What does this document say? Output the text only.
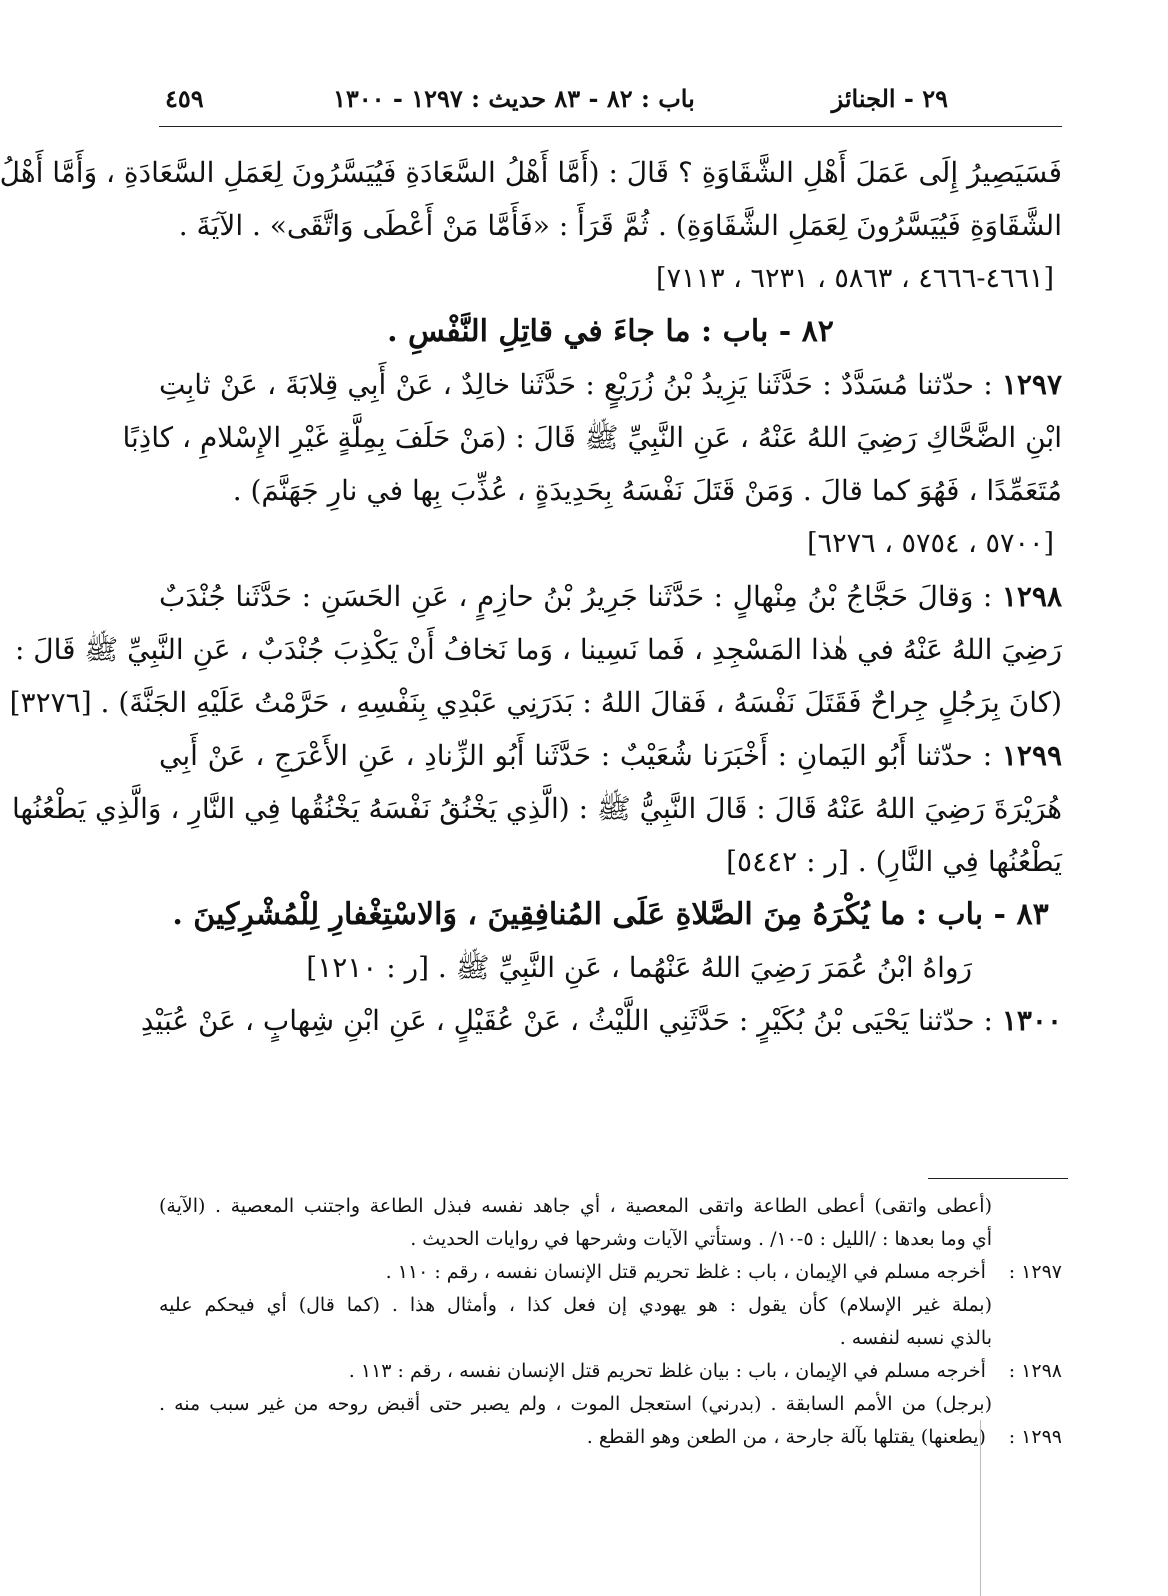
٢٩ - الجنائز
باب : ٨٢ - ٨٣ حديث : ١٢٩٧ - ١٣٠٠
٤٥٩
فَسَيَصِيرُ إِلَى عَمَلَ أَهْلِ الشَّقَاوَةِ ؟ قَالَ : (أَمَّا أَهْلُ السَّعَادَةِ فَيُيَسَّرُونَ لِعَمَلِ السَّعَادَةِ ، وَأَمَّا أَهْلُ
الشَّقَاوَةِ فَيُيَسَّرُونَ لِعَمَلِ الشَّقَاوَةِ) . ثُمَّ قَرَأَ : «فَأَمَّا مَنْ أَعْطَى وَاتَّقَى» . الآيَةَ .
[٤٦٦١-٤٦٦٦ ، ٥٨٦٣ ، ٦٢٣١ ، ٧١١٣]
٨٢ - باب : ما جاءَ في قاتِلِ النَّفْسِ .
١٢٩٧ : حدّثنا مُسَدَّدٌ : حَدَّثَنا يَزِيدُ بْنُ زُرَيْعٍ : حَدَّثَنا خالِدٌ ، عَنْ أَبِي قِلابَةَ ، عَنْ ثابِتِ
ابْنِ الضَّحَّاكِ رَضِيَ اللهُ عَنْهُ ، عَنِ النَّبِيِّ ﷺ قَالَ : (مَنْ حَلَفَ بِمِلَّةٍ غَيْرِ الإِسْلامِ ، كاذِبًا
مُتَعَمِّدًا ، فَهُوَ كما قالَ . وَمَنْ قَتَلَ نَفْسَهُ بِحَدِيدَةٍ ، عُذِّبَ بِها في نارِ جَهَنَّمَ) .
[٥٧٠٠ ، ٥٧٥٤ ، ٦٢٧٦]
١٢٩٨ : وَقالَ حَجَّاجُ بْنُ مِنْهالٍ : حَدَّثَنا جَرِيرُ بْنُ حازِمٍ ، عَنِ الحَسَنِ : حَدَّثَنا جُنْدَبٌ
رَضِيَ اللهُ عَنْهُ في هٰذا المَسْجِدِ ، فَما نَسِينا ، وَما نَخافُ أَنْ يَكْذِبَ جُنْدَبٌ ، عَنِ النَّبِيِّ ﷺ قَالَ :
(كانَ بِرَجُلٍ جِراحٌ فَقَتَلَ نَفْسَهُ ، فَقالَ اللهُ : بَدَرَنِي عَبْدِي بِنَفْسِهِ ، حَرَّمْتُ عَلَيْهِ الجَنَّةَ) . [٣٢٧٦]
١٢٩٩ : حدّثنا أَبُو اليَمانِ : أَخْبَرَنا شُعَيْبٌ : حَدَّثَنا أَبُو الزِّنادِ ، عَنِ الأَعْرَجِ ، عَنْ أَبِي
هُرَيْرَةَ رَضِيَ اللهُ عَنْهُ قَالَ : قَالَ النَّبِيُّ ﷺ : (الَّذِي يَخْنُقُ نَفْسَهُ يَخْنُقُها فِي النَّارِ ، وَالَّذِي يَطْعُنُها
يَطْعُنُها فِي النَّارِ) . [ر : ٥٤٤٢]
٨٣ - باب : ما يُكْرَهُ مِنَ الصَّلاةِ عَلَى المُنافِقِينَ ، وَالاسْتِغْفارِ لِلْمُشْرِكِينَ .
رَواهُ ابْنُ عُمَرَ رَضِيَ اللهُ عَنْهُما ، عَنِ النَّبِيِّ ﷺ . [ر : ١٢١٠]
١٣٠٠ : حدّثنا يَحْيَى بْنُ بُكَيْرٍ : حَدَّثَنِي اللَّيْثُ ، عَنْ عُقَيْلٍ ، عَنِ ابْنِ شِهابٍ ، عَنْ عُبَيْدِ
(أعطى واتقى) أعطى الطاعة واتقى المعصية ، أي جاهد نفسه فبذل الطاعة واجتنب المعصية . (الآية)
أي وما بعدها : /الليل : ٥-١٠/ . وستأتي الآيات وشرحها في روايات الحديث .
١٢٩٧ : أخرجه مسلم في الإيمان ، باب : غلظ تحريم قتل الإنسان نفسه ، رقم : ١١٠ .
(بملة غير الإسلام) كأن يقول : هو يهودي إن فعل كذا ، وأمثال هذا . (كما قال) أي فيحكم عليه
بالذي نسبه لنفسه .
١٢٩٨ : أخرجه مسلم في الإيمان ، باب : بيان غلظ تحريم قتل الإنسان نفسه ، رقم : ١١٣ .
(برجل) من الأمم السابقة . (بدرني) استعجل الموت ، ولم يصبر حتى أقبض روحه من غير سبب منه .
١٢٩٩ : (يطعنها) يقتلها بآلة جارحة ، من الطعن وهو القطع .
